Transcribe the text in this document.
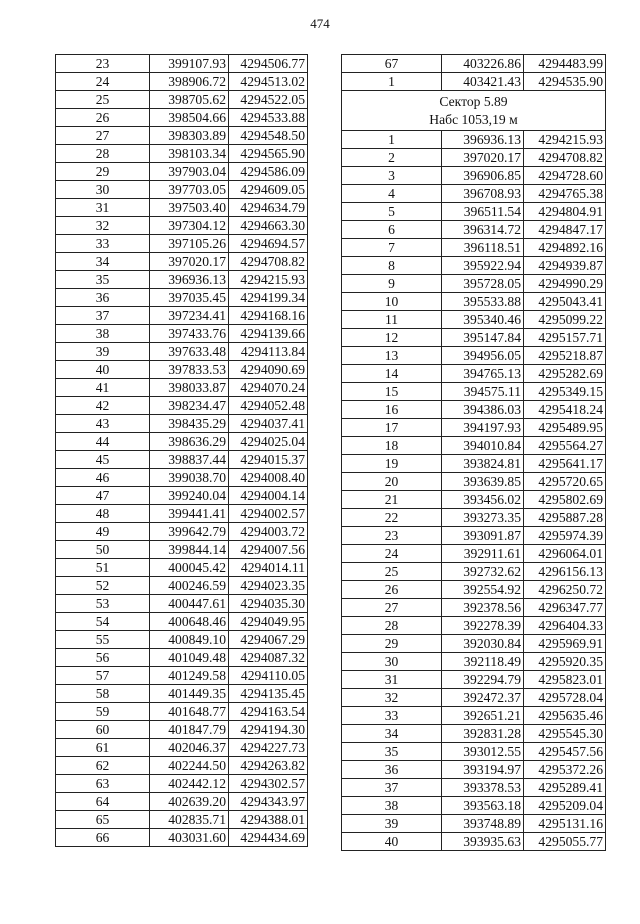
474
23	399107.93	4294506.77
24	398906.72	4294513.02
25	398705.62	4294522.05
26	398504.66	4294533.88
27	398303.89	4294548.50
28	398103.34	4294565.90
29	397903.04	4294586.09
30	397703.05	4294609.05
31	397503.40	4294634.79
32	397304.12	4294663.30
33	397105.26	4294694.57
34	397020.17	4294708.82
35	396936.13	4294215.93
36	397035.45	4294199.34
37	397234.41	4294168.16
38	397433.76	4294139.66
39	397633.48	4294113.84
40	397833.53	4294090.69
41	398033.87	4294070.24
42	398234.47	4294052.48
43	398435.29	4294037.41
44	398636.29	4294025.04
45	398837.44	4294015.37
46	399038.70	4294008.40
47	399240.04	4294004.14
48	399441.41	4294002.57
49	399642.79	4294003.72
50	399844.14	4294007.56
51	400045.42	4294014.11
52	400246.59	4294023.35
53	400447.61	4294035.30
54	400648.46	4294049.95
55	400849.10	4294067.29
56	401049.48	4294087.32
57	401249.58	4294110.05
58	401449.35	4294135.45
59	401648.77	4294163.54
60	401847.79	4294194.30
61	402046.37	4294227.73
62	402244.50	4294263.82
63	402442.12	4294302.57
64	402639.20	4294343.97
65	402835.71	4294388.01
66	403031.60	4294434.69
67	403226.86	4294483.99
1	403421.43	4294535.90

Сектор 5.89
Набс 1053,19 м		

1	396936.13	4294215.93
2	397020.17	4294708.82
3	396906.85	4294728.60
4	396708.93	4294765.38
5	396511.54	4294804.91
6	396314.72	4294847.17
7	396118.51	4294892.16
8	395922.94	4294939.87
9	395728.05	4294990.29
10	395533.88	4295043.41
11	395340.46	4295099.22
12	395147.84	4295157.71
13	394956.05	4295218.87
14	394765.13	4295282.69
15	394575.11	4295349.15
16	394386.03	4295418.24
17	394197.93	4295489.95
18	394010.84	4295564.27
19	393824.81	4295641.17
20	393639.85	4295720.65
21	393456.02	4295802.69
22	393273.35	4295887.28
23	393091.87	4295974.39
24	392911.61	4296064.01
25	392732.62	4296156.13
26	392554.92	4296250.72
27	392378.56	4296347.77
28	392278.39	4296404.33
29	392030.84	4295969.91
30	392118.49	4295920.35
31	392294.79	4295823.01
32	392472.37	4295728.04
33	392651.21	4295635.46
34	392831.28	4295545.30
35	393012.55	4295457.56
36	393194.97	4295372.26
37	393378.53	4295289.41
38	393563.18	4295209.04
39	393748.89	4295131.16
40	393935.63	4295055.77
